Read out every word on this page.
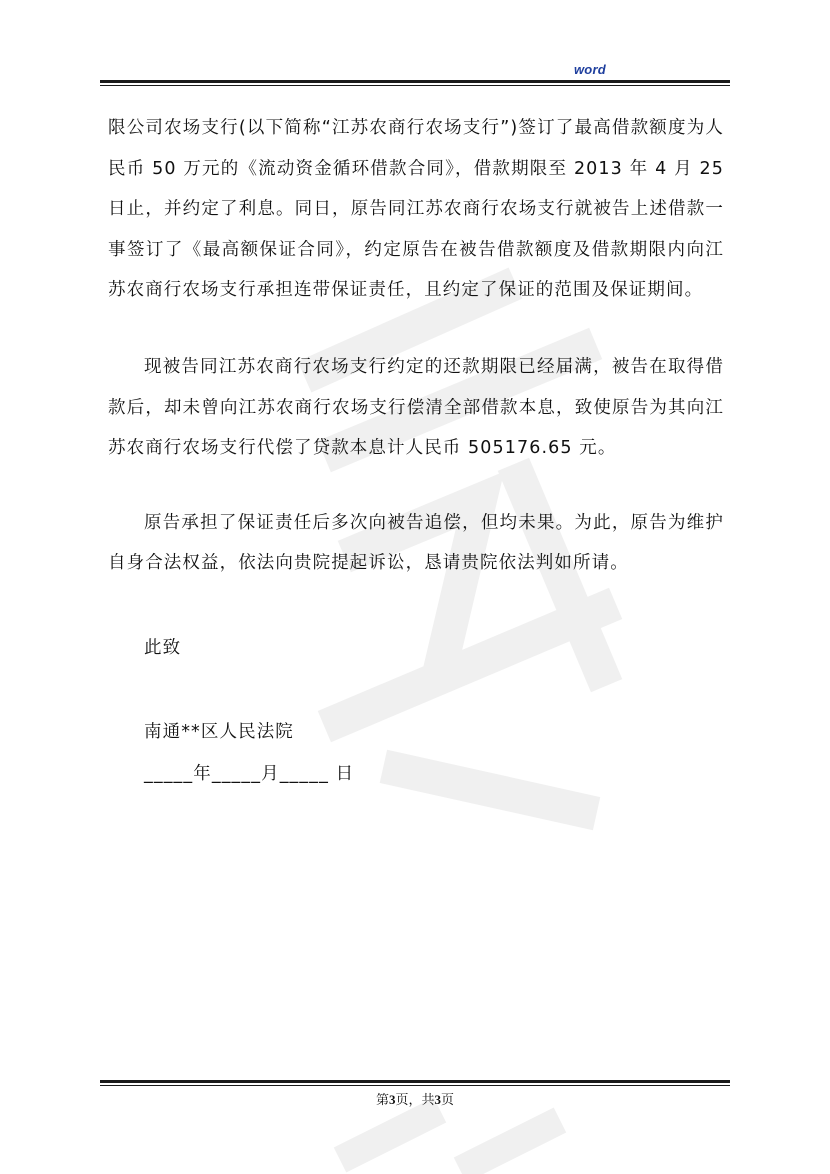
word

限公司农场支行(以下简称“江苏农商行农场支行”)签订了最高借款额度为人民币 50 万元的《流动资金循环借款合同》，借款期限至 2013 年 4 月 25 日止，并约定了利息。同日，原告同江苏农商行农场支行就被告上述借款一事签订了《最高额保证合同》，约定原告在被告借款额度及借款期限内向江苏农商行农场支行承担连带保证责任，且约定了保证的范围及保证期间。

现被告同江苏农商行农场支行约定的还款期限已经届满，被告在取得借款后，却未曾向江苏农商行农场支行偿清全部借款本息，致使原告为其向江苏农商行农场支行代偿了贷款本息计人民币 505176.65 元。

原告承担了保证责任后多次向被告追偿，但均未果。为此，原告为维护自身合法权益，依法向贵院提起诉讼，恳请贵院依法判如所请。

此致
南通**区人民法院
_____年_____月_____ 日
第3页，共3页
